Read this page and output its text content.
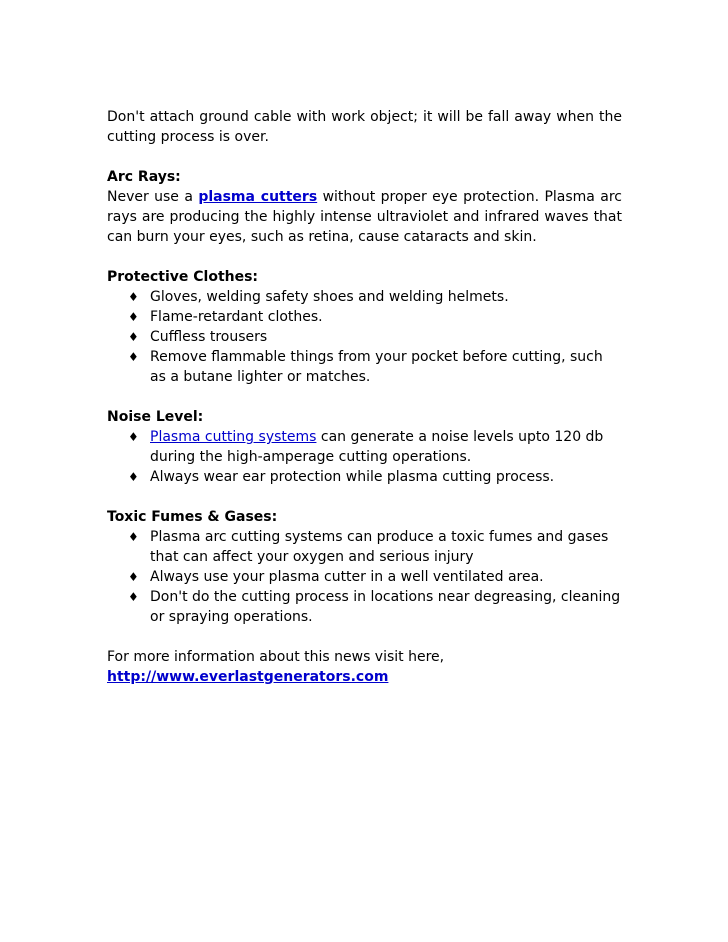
Don't attach ground cable with work object; it will be fall away when the cutting process is over.

Arc Rays:

Never use a plasma cutters without proper eye protection. Plasma arc rays are producing the highly intense ultraviolet and infrared waves that can burn your eyes, such as retina, cause cataracts and skin.

Protective Clothes:

♦ Gloves, welding safety shoes and welding helmets.
♦ Flame-retardant clothes.
♦ Cuffless trousers
♦ Remove flammable things from your pocket before cutting, such as a butane lighter or matches.

Noise Level:

♦ Plasma cutting systems can generate a noise levels upto 120 db during the high-amperage cutting operations.
♦ Always wear ear protection while plasma cutting process.

Toxic Fumes & Gases:

♦ Plasma arc cutting systems can produce a toxic fumes and gases that can affect your oxygen and serious injury
♦ Always use your plasma cutter in a well ventilated area.
♦ Don't do the cutting process in locations near degreasing, cleaning or spraying operations.

For more information about this news visit here,

http://www.everlastgenerators.com
